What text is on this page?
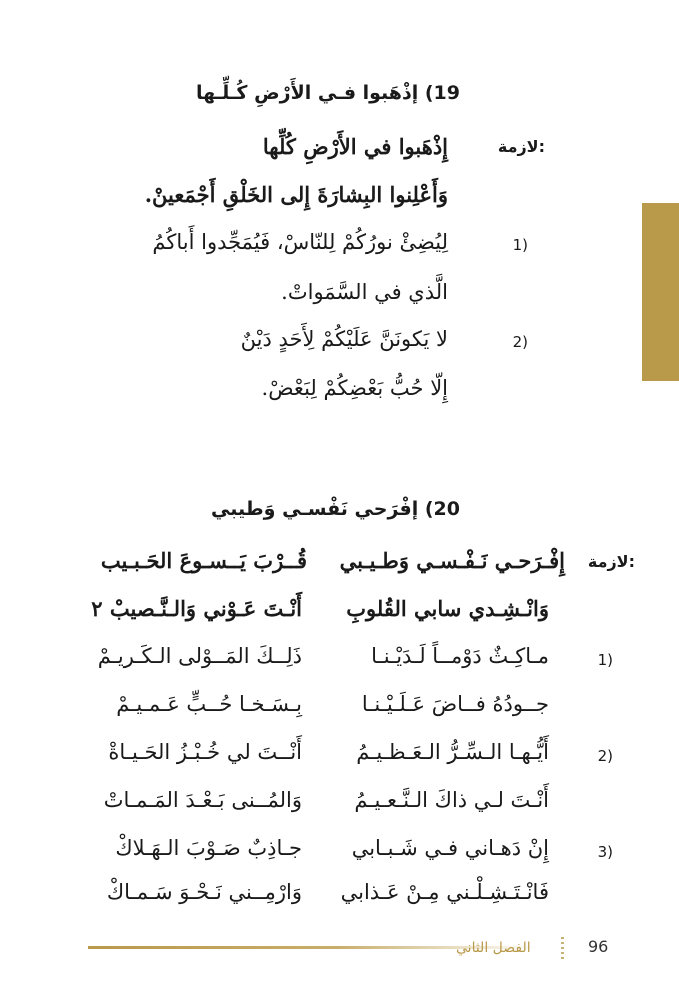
19) إذْهَبوا فـي الأَرْضِ كُـلِّـها
لازمة:
إِذْهَبوا في الأَرْضِ كُلِّها
وَأَعْلِنوا البِشارَةَ إِلى الخَلْقِ أَجْمَعينْ.
1)
لِيُضِئْ نورُكُمْ لِلنّاسْ، فَيُمَجِّدوا أَباكُمُ
الَّذي في السَّمَواتْ.
2)
لا يَكونَنَّ عَلَيْكُمْ لِأَحَدٍ دَيْنٌ
إِلّا حُبُّ بَعْضِكُمْ لِبَعْضْ.
20) إفْرَحي نَفْسـي وَطيبي
لازمة:
إِفْـرَحـي نَـفْـسـي وَطـيـبي
قُــرْبَ يَــسـوعَ الحَـبـيب
وَانْـشِـدي سابي القُلوبِ
أَنْـتَ عَـوْني وَالـنَّـصيبْ ٢
1)
مـاكِـثٌ دَوْمــاً لَـدَيْـنـا
ذَلِــكَ المَــوْلى الـكَـريـمْ
جــودُهُ فــاضَ عَـلَـيْـنـا
بِـسَـخـا حُــبٍّ عَـمـيـمْ
2)
أَيُّـهـا الـسِّـرُّ الـعَـظـيـمُ
أَنْــتَ لي خُـبْـزُ الحَـيـاةْ
أَنْـتَ لـي ذاكَ الـنَّـعـيـمُ
وَالمُــنى بَـعْـدَ المَـمـاتْ
3)
إِنْ دَهـاني فـي شَـبـابي
جـاذِبٌ صَـوْبَ الـهَـلاكْ
فَانْـتَـشِـلْـني مِـنْ عَـذابي
وَارْمِــني نَـحْـوَ سَـمـاكْ
الفصل الثاني	96
